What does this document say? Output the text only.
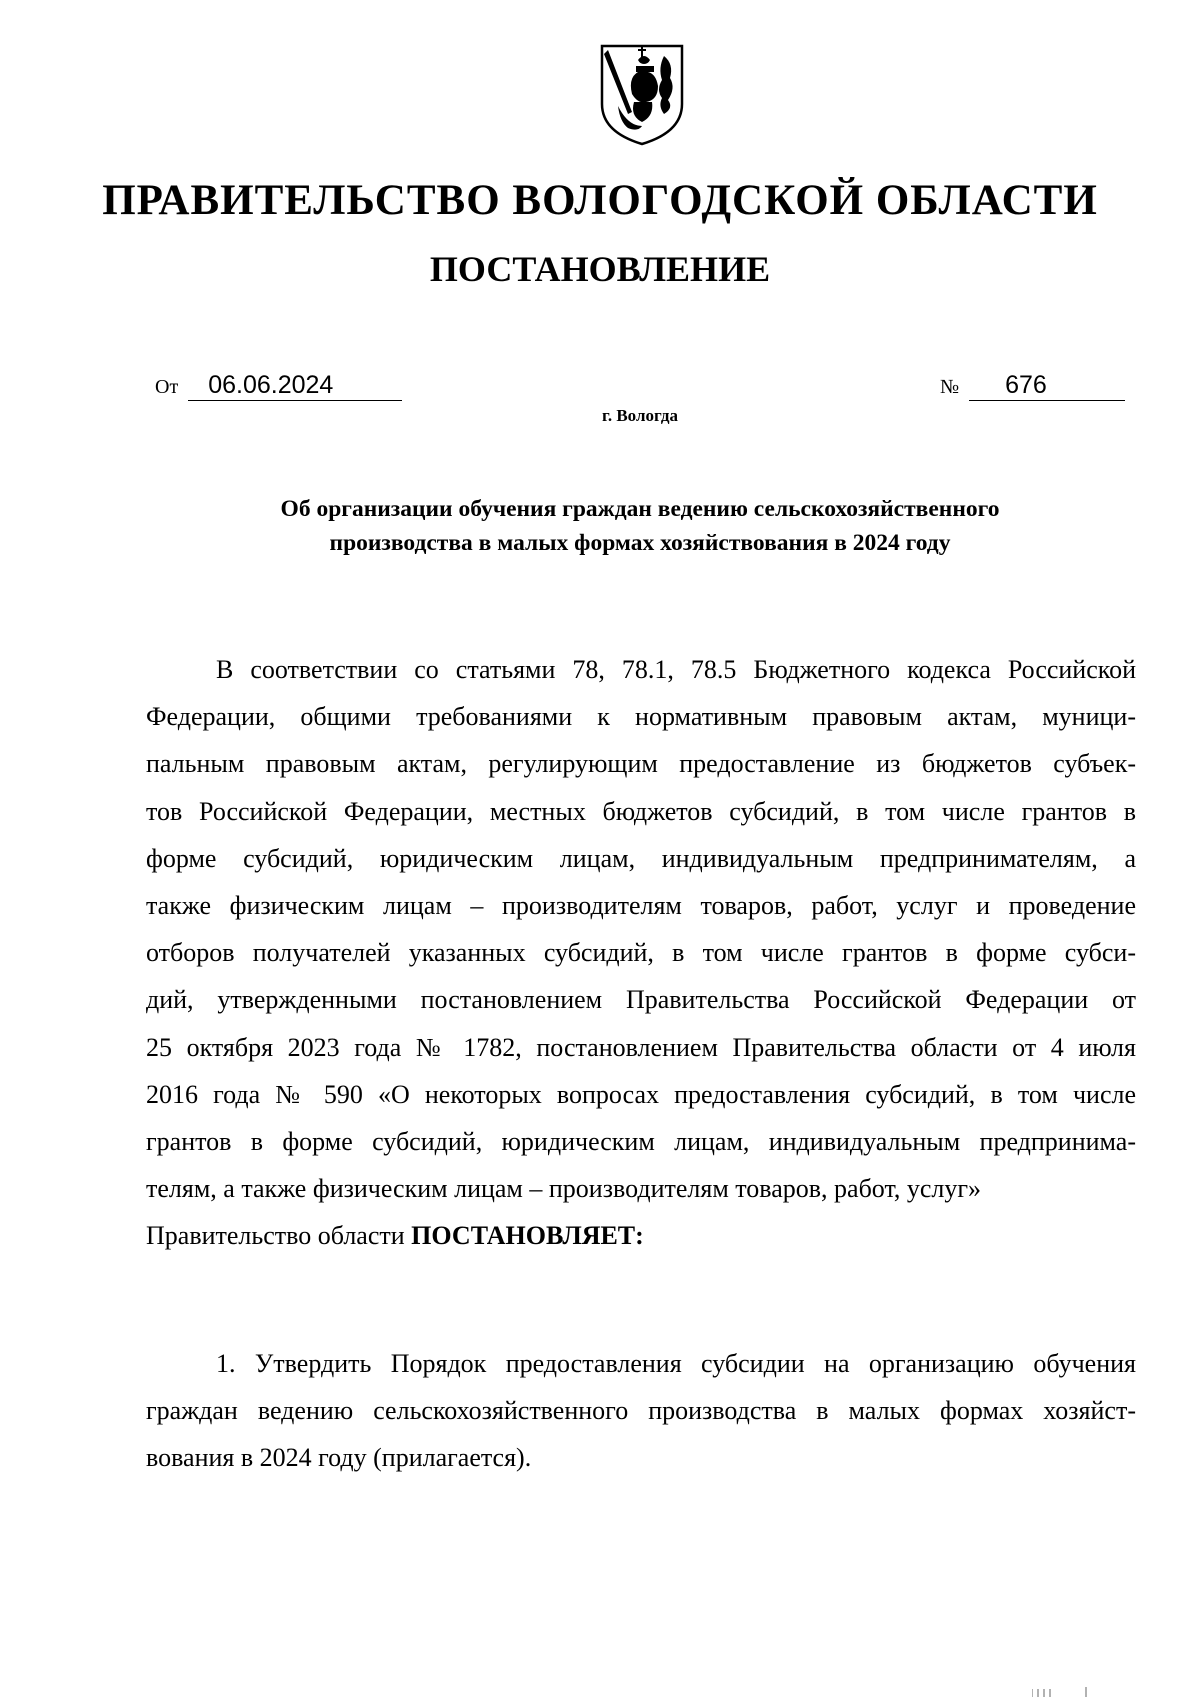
ПРАВИТЕЛЬСТВО ВОЛОГОДСКОЙ ОБЛАСТИ
ПОСТАНОВЛЕНИЕ
От 06.06.2024	№ 676
г. Вологда
Об организации обучения граждан ведению сельскохозяйственного
производства в малых формах хозяйствования в 2024 году
В соответствии со статьями 78, 78.1, 78.5 Бюджетного кодекса Российской
Федерации, общими требованиями к нормативным правовым актам, муници-
пальным правовым актам, регулирующим предоставление из бюджетов субъек-
тов Российской Федерации, местных бюджетов субсидий, в том числе грантов в
форме субсидий, юридическим лицам, индивидуальным предпринимателям, а
также физическим лицам – производителям товаров, работ, услуг и проведение
отборов получателей указанных субсидий, в том числе грантов в форме субси-
дий, утвержденными постановлением Правительства Российской Федерации от
25 октября 2023 года № 1782, постановлением Правительства области от 4 июля
2016 года № 590 «О некоторых вопросах предоставления субсидий, в том числе
грантов в форме субсидий, юридическим лицам, индивидуальным предпринима-
телям, а также физическим лицам – производителям товаров, работ, услуг»
Правительство области ПОСТАНОВЛЯЕТ:
1. Утвердить Порядок предоставления субсидии на организацию обучения
граждан ведению сельскохозяйственного производства в малых формах хозяйст-
вования в 2024 году (прилагается).
